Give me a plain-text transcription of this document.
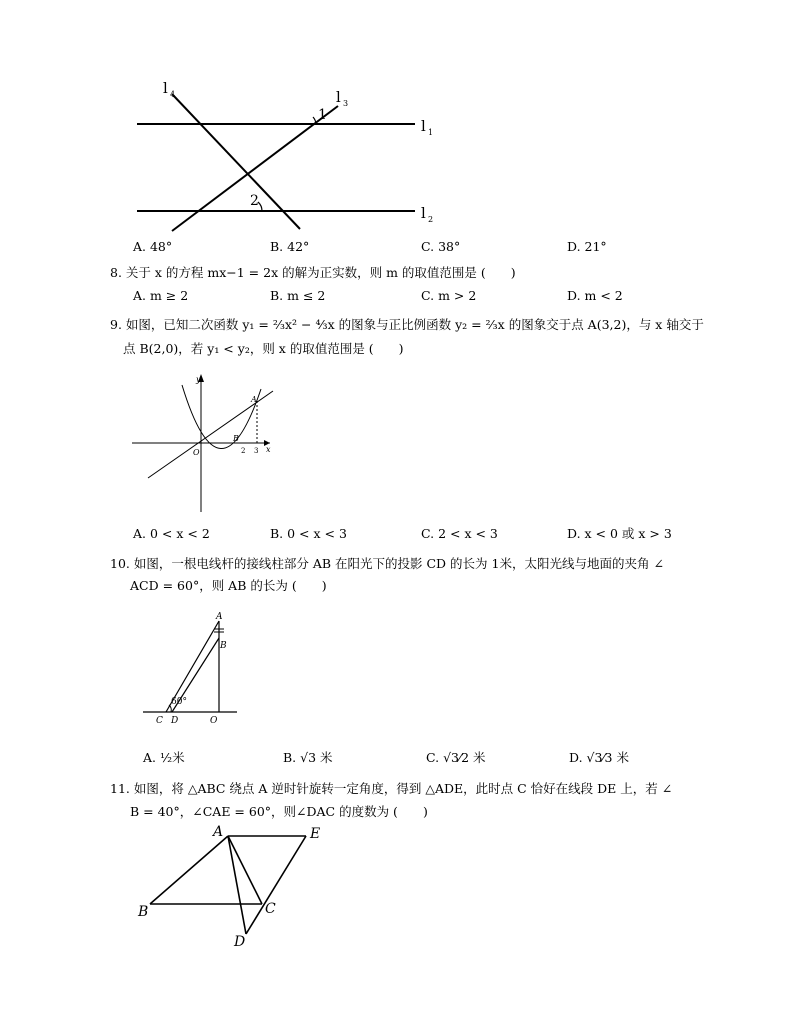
l 4	l 3
l 1
l 2
1
2
A. 48°	B. 42°	C. 38°	D. 21°
8. 关于 x 的方程 mx−1 = 2x 的解为正实数，则 m 的取值范围是 (　　)
A. m ≥ 2	B. m ≤ 2	C. m > 2	D. m < 2
9. 如图，已知二次函数 y₁ = ⅔x² − ⁴⁄₃x 的图象与正比例函数 y₂ = ⅔x 的图象交于点 A(3,2)，与 x 轴交于
点 B(2,0)，若 y₁ < y₂，则 x 的取值范围是 (　　)
y
x
O
A
B
2 3
A. 0 < x < 2	B. 0 < x < 3	C. 2 < x < 3	D. x < 0 或 x > 3
10. 如图，一根电线杆的接线柱部分 AB 在阳光下的投影 CD 的长为 1米，太阳光线与地面的夹角 ∠
ACD = 60°，则 AB 的长为 (　　)
A
B
C D	O
60°
A. ½米	B. √3 米	C. √3⁄2 米	D. √3⁄3 米
11. 如图，将 △ABC 绕点 A 逆时针旋转一定角度，得到 △ADE，此时点 C 恰好在线段 DE 上，若 ∠
B = 40°，∠CAE = 60°，则∠DAC 的度数为 (　　)
A	E
B	C
D
